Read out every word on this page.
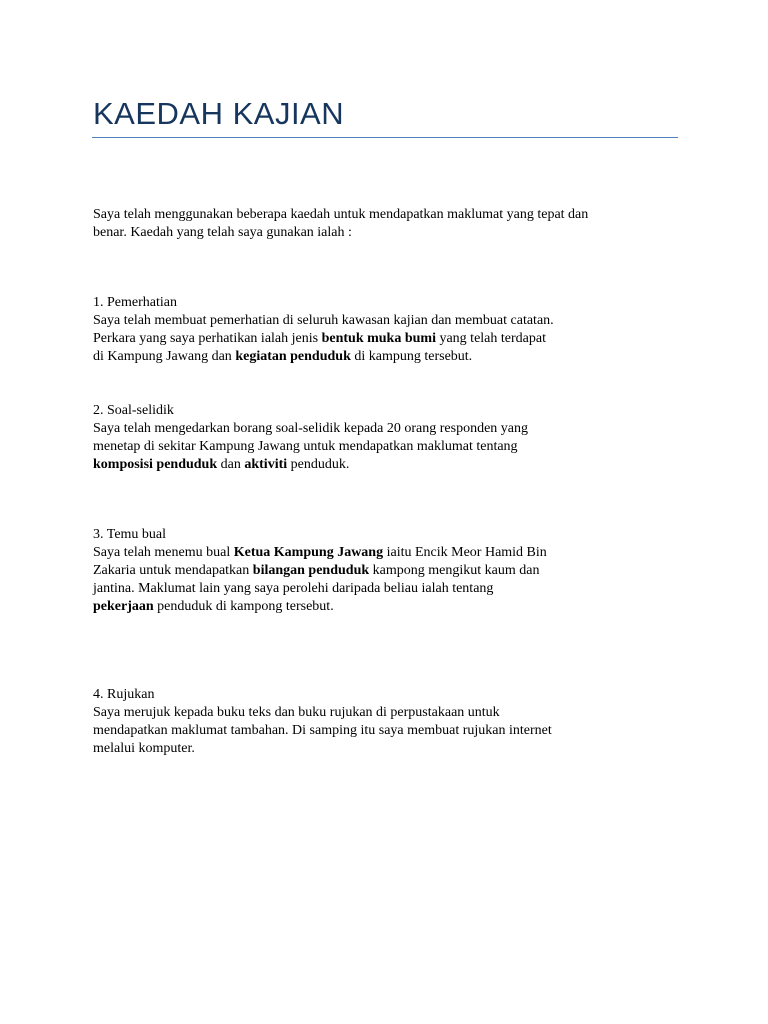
KAEDAH KAJIAN

Saya telah menggunakan beberapa kaedah untuk mendapatkan maklumat yang tepat dan
benar. Kaedah yang telah saya gunakan ialah :

1. Pemerhatian
Saya telah membuat pemerhatian di seluruh kawasan kajian dan membuat catatan.
Perkara yang saya perhatikan ialah jenis bentuk muka bumi yang telah terdapat
di Kampung Jawang dan kegiatan penduduk di kampung tersebut.
2. Soal-selidik
Saya telah mengedarkan borang soal-selidik kepada 20 orang responden yang
menetap di sekitar Kampung Jawang untuk mendapatkan maklumat tentang
komposisi penduduk dan aktiviti penduduk.
3. Temu bual
Saya telah menemu bual Ketua Kampung Jawang iaitu Encik Meor Hamid Bin
Zakaria untuk mendapatkan bilangan penduduk kampong mengikut kaum dan
jantina. Maklumat lain yang saya perolehi daripada beliau ialah tentang
pekerjaan penduduk di kampong tersebut.
4. Rujukan
Saya merujuk kepada buku teks dan buku rujukan di perpustakaan untuk
mendapatkan maklumat tambahan. Di samping itu saya membuat rujukan internet
melalui komputer.
